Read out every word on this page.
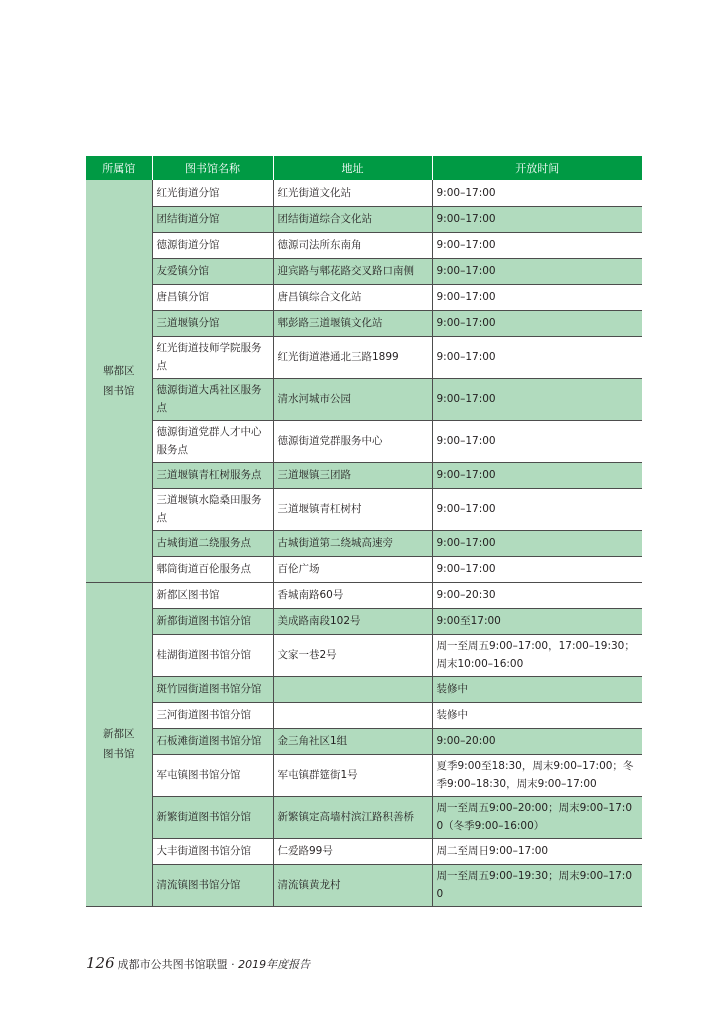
所属馆	图书馆名称	地址	开放时间

郫都区
图书馆	红光街道分馆	红光街道文化站	9:00–17:00
	团结街道分馆	团结街道综合文化站	9:00–17:00
	德源街道分馆	德源司法所东南角	9:00–17:00
	友爱镇分馆	迎宾路与郫花路交叉路口南侧	9:00–17:00
	唐昌镇分馆	唐昌镇综合文化站	9:00–17:00
	三道堰镇分馆	郫彭路三道堰镇文化站	9:00–17:00
	红光街道技师学院服务点	红光街道港通北三路1899	9:00–17:00
	德源街道大禹社区服务点	清水河城市公园	9:00–17:00
	德源街道党群人才中心服务点	德源街道党群服务中心	9:00–17:00
	三道堰镇青杠树服务点	三道堰镇三团路	9:00–17:00
	三道堰镇水隐桑田服务点	三道堰镇青杠树村	9:00–17:00
	古城街道二绕服务点	古城街道第二绕城高速旁	9:00–17:00
	郫筒街道百伦服务点	百伦广场	9:00–17:00

新都区
图书馆	新都区图书馆	香城南路60号	9:00–20:30
	新都街道图书馆分馆	美成路南段102号	9:00至17:00
	桂湖街道图书馆分馆	文家一巷2号	周一至周五9:00–17:00，17:00–19:30；周末10:00–16:00
	斑竹园街道图书馆分馆		装修中
	三河街道图书馆分馆		装修中
	石板滩街道图书馆分馆	金三角社区1组	9:00–20:00
	军屯镇图书馆分馆	军屯镇群筵街1号	夏季9:00至18:30，周末9:00–17:00；冬季9:00–18:30，周末9:00–17:00
	新繁街道图书馆分馆	新繁镇定高墙村滨江路积善桥	周一至周五9:00–20:00；周末9:00–17:00（冬季9:00–16:00）
	大丰街道图书馆分馆	仁爱路99号	周二至周日9:00–17:00
	清流镇图书馆分馆	清流镇黄龙村	周一至周五9:00–19:30；周末9:00–17:00
126 成都市公共图书馆联盟 · 2019年度报告
